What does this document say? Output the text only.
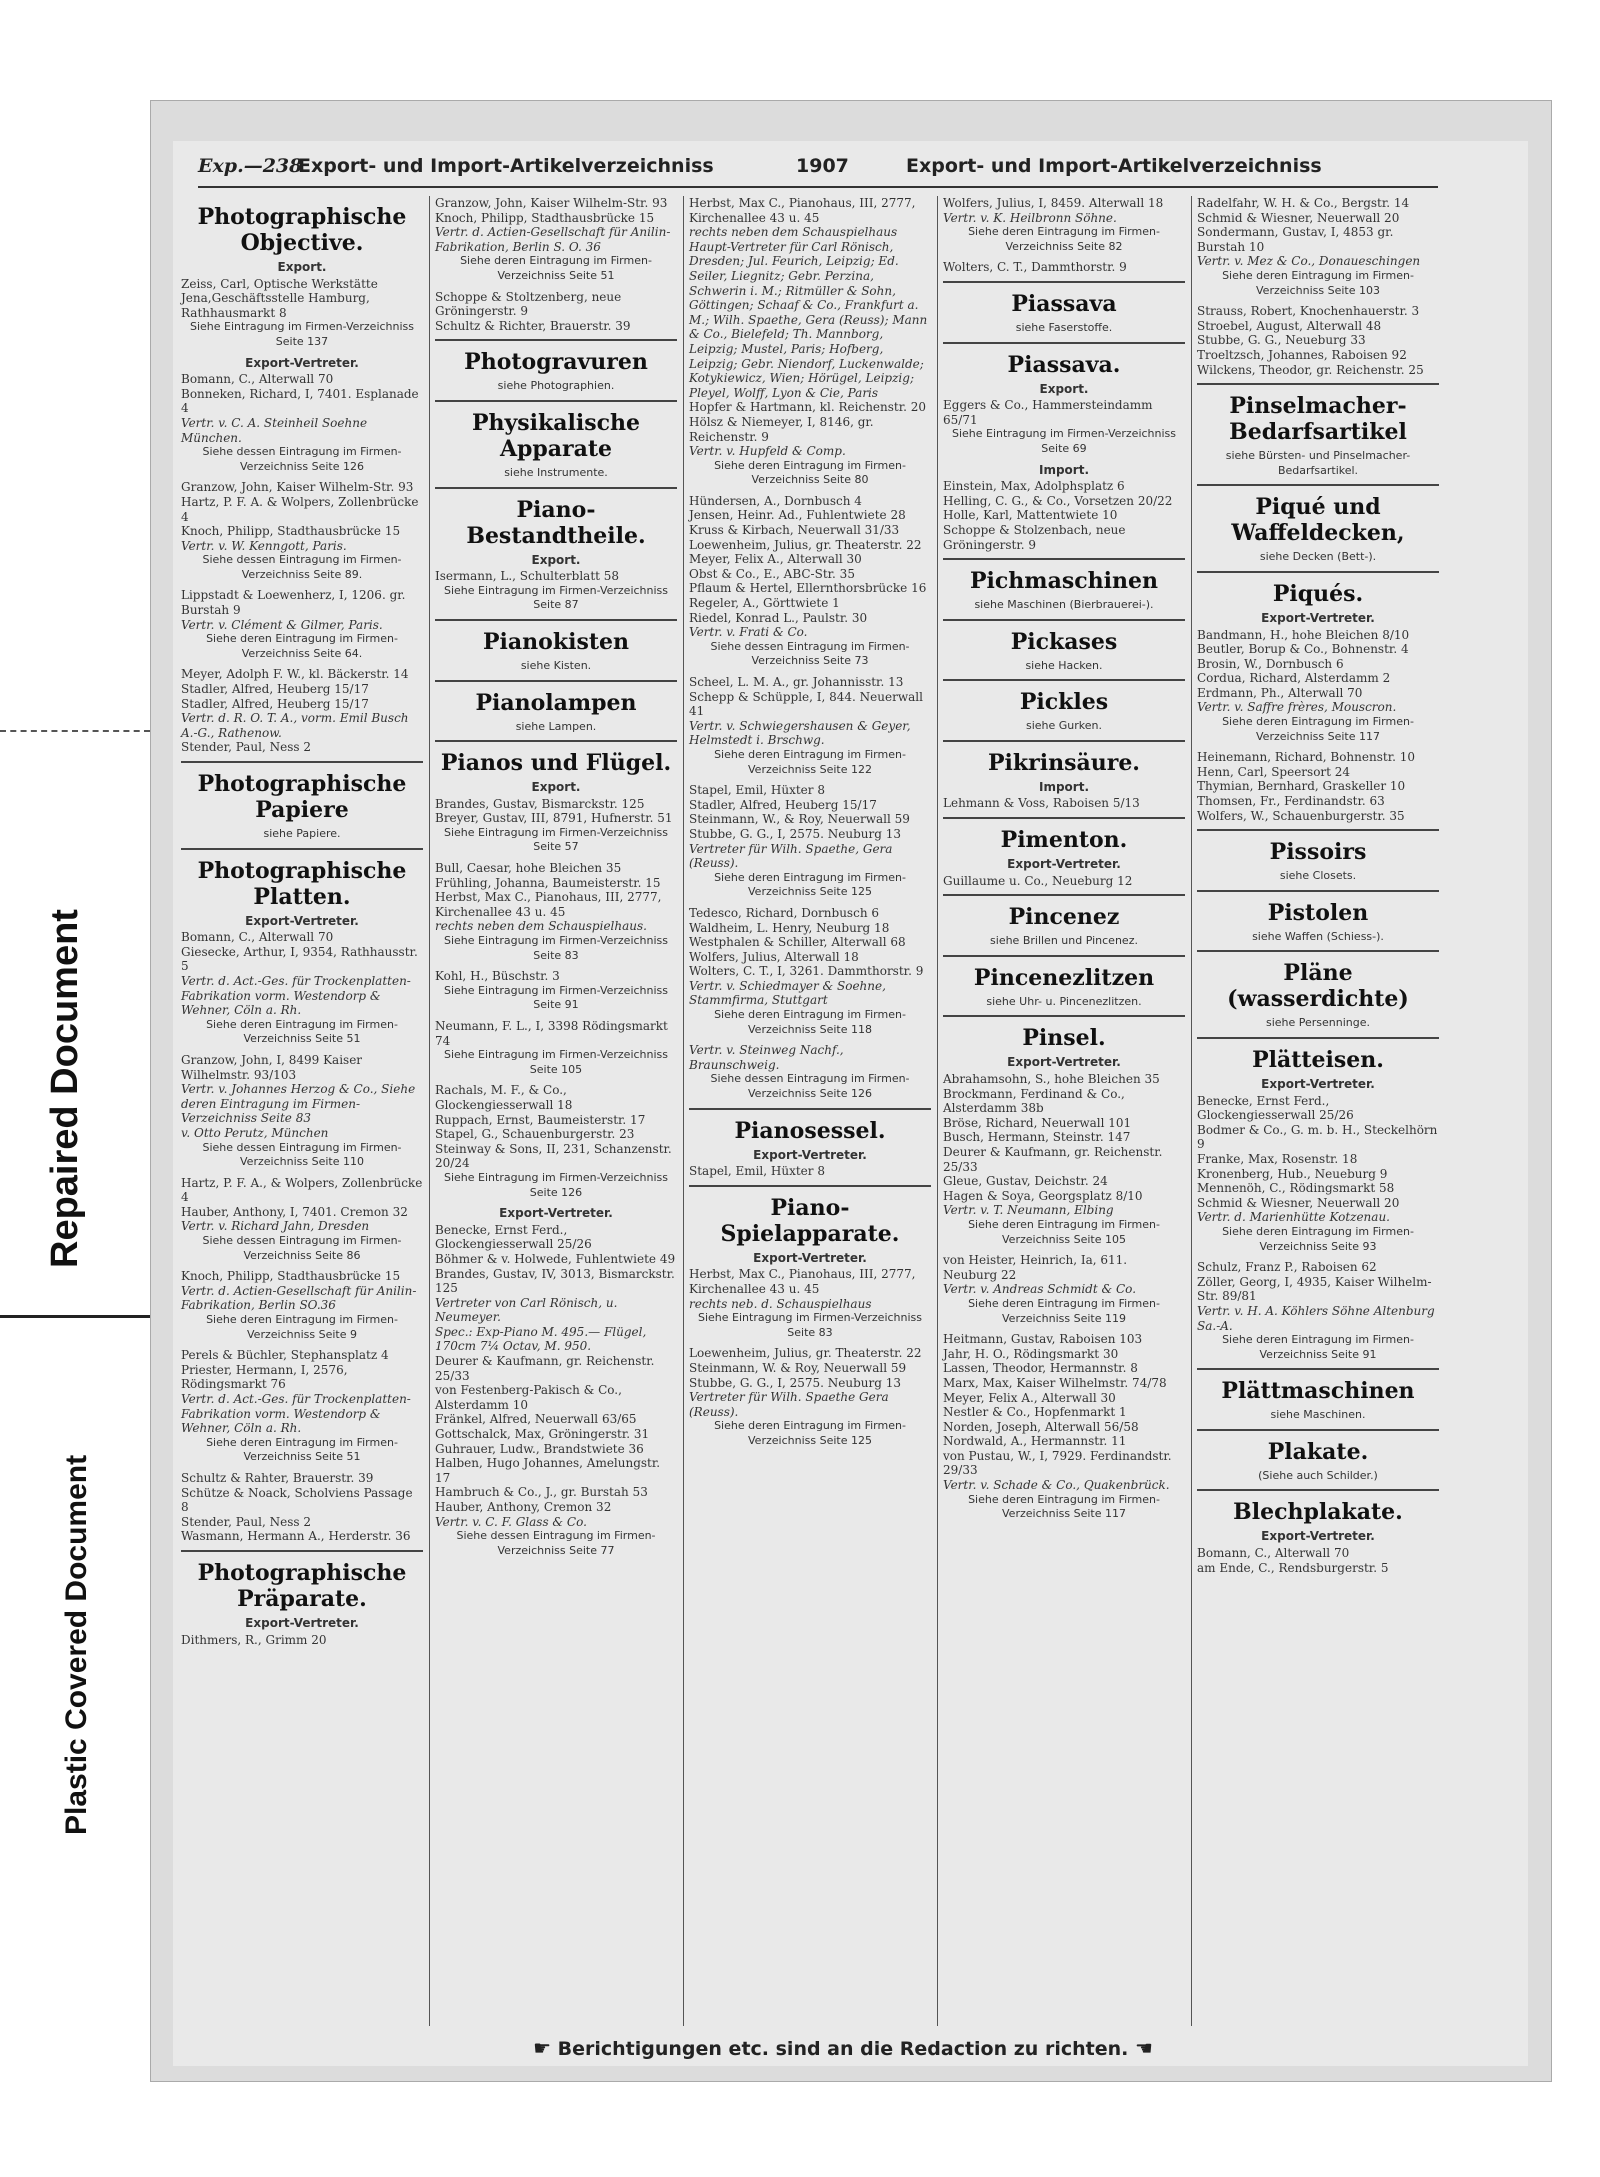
Repaired Document
Plastic Covered Document
Exp.—238
Export- und Import-Artikelverzeichniss	1907	Export- und Import-Artikelverzeichniss
Photographische Objective.
Export.
Zeiss, Carl, Optische Werkstätte Jena,Geschäftsstelle Hamburg, Rathhausmarkt 8
Siehe Eintragung im Firmen-Verzeichniss Seite 137
Export-Vertreter.
Bomann, C., Alterwall 70
Bonneken, Richard, I, 7401. Esplanade 4
Vertr. v. C. A. Steinheil Soehne München.
Siehe dessen Eintragung im Firmen-Verzeichniss Seite 126
Granzow, John, Kaiser Wilhelm-Str. 93
Hartz, P. F. A. & Wolpers, Zollenbrücke 4
Knoch, Philipp, Stadthausbrücke 15
Vertr. v. W. Kenngott, Paris.
Siehe dessen Eintragung im Firmen-Verzeichniss Seite 89.
Lippstadt & Loewenherz, I, 1206. gr. Burstah 9
Vertr. v. Clément & Gilmer, Paris.
Siehe deren Eintragung im Firmen-Verzeichniss Seite 64.
Meyer, Adolph F. W., kl. Bäckerstr. 14
Stadler, Alfred, Heuberg 15/17
Stadler, Alfred, Heuberg 15/17
Vertr. d. R. O. T. A., vorm. Emil Busch A.-G., Rathenow.
Stender, Paul, Ness 2
Photographische Papiere
siehe Papiere.
Photographische Platten.
Export-Vertreter.
Bomann, C., Alterwall 70
Giesecke, Arthur, I, 9354, Rathhausstr. 5
Vertr. d. Act.-Ges. für Trockenplatten-Fabrikation vorm. Westendorp & Wehner, Cöln a. Rh.
Siehe deren Eintragung im Firmen-Verzeichniss Seite 51
Granzow, John, I, 8499 Kaiser Wilhelmstr. 93/103
Vertr. v. Johannes Herzog & Co., Siehe deren Eintragung im Firmen-Verzeichniss Seite 83
v. Otto Perutz, München
Siehe dessen Eintragung im Firmen-Verzeichniss Seite 110
Hartz, P. F. A., & Wolpers, Zollenbrücke 4
Hauber, Anthony, I, 7401. Cremon 32
Vertr. v. Richard Jahn, Dresden
Siehe dessen Eintragung im Firmen-Verzeichniss Seite 86
Knoch, Philipp, Stadthausbrücke 15
Vertr. d. Actien-Gesellschaft für Anilin-Fabrikation, Berlin SO.36
Siehe deren Eintragung im Firmen-Verzeichniss Seite 9
Perels & Büchler, Stephansplatz 4
Priester, Hermann, I, 2576, Rödingsmarkt 76
Vertr. d. Act.-Ges. für Trockenplatten-Fabrikation vorm. Westendorp & Wehner, Cöln a. Rh.
Siehe deren Eintragung im Firmen-Verzeichniss Seite 51
Schultz & Rahter, Brauerstr. 39
Schütze & Noack, Scholviens Passage 8
Stender, Paul, Ness 2
Wasmann, Hermann A., Herderstr. 36
Photographische Präparate.
Export-Vertreter.
Dithmers, R., Grimm 20
Granzow, John, Kaiser Wilhelm-Str. 93
Knoch, Philipp, Stadthausbrücke 15
Vertr. d. Actien-Gesellschaft für Anilin-Fabrikation, Berlin S. O. 36
Siehe deren Eintragung im Firmen-Verzeichniss Seite 51
Schoppe & Stoltzenberg, neue Gröningerstr. 9
Schultz & Richter, Brauerstr. 39
Photogravuren
siehe Photographien.
Physikalische Apparate
siehe Instrumente.
Piano-Bestandtheile.
Export.
Isermann, L., Schulterblatt 58
Siehe Eintragung im Firmen-Verzeichniss Seite 87
Pianokisten
siehe Kisten.
Pianolampen
siehe Lampen.
Pianos und Flügel.
Export.
Brandes, Gustav, Bismarckstr. 125
Breyer, Gustav, III, 8791, Hufnerstr. 51
Siehe Eintragung im Firmen-Verzeichniss Seite 57
Bull, Caesar, hohe Bleichen 35
Frühling, Johanna, Baumeisterstr. 15
Herbst, Max C., Pianohaus, III, 2777, Kirchenallee 43 u. 45
rechts neben dem Schauspielhaus.
Siehe Eintragung im Firmen-Verzeichniss Seite 83
Kohl, H., Büschstr. 3
Siehe Eintragung im Firmen-Verzeichniss Seite 91
Neumann, F. L., I, 3398 Rödingsmarkt 74
Siehe Eintragung im Firmen-Verzeichniss Seite 105
Rachals, M. F., & Co., Glockengiesserwall 18
Ruppach, Ernst, Baumeisterstr. 17
Stapel, G., Schauenburgerstr. 23
Steinway & Sons, II, 231, Schanzenstr. 20/24
Siehe Eintragung im Firmen-Verzeichniss Seite 126
Export-Vertreter.
Benecke, Ernst Ferd., Glockengiesserwall 25/26
Böhmer & v. Holwede, Fuhlentwiete 49
Brandes, Gustav, IV, 3013, Bismarckstr. 125
Vertreter von Carl Rönisch, u. Neumeyer.
Spec.: Exp-Piano M. 495.— Flügel, 170cm 7¼ Octav, M. 950.
Deurer & Kaufmann, gr. Reichenstr. 25/33
von Festenberg-Pakisch & Co., Alsterdamm 10
Fränkel, Alfred, Neuerwall 63/65
Gottschalck, Max, Gröningerstr. 31
Guhrauer, Ludw., Brandstwiete 36
Halben, Hugo Johannes, Amelungstr. 17
Hambruch & Co., J., gr. Burstah 53
Hauber, Anthony, Cremon 32
Vertr. v. C. F. Glass & Co.
Siehe dessen Eintragung im Firmen-Verzeichniss Seite 77
Herbst, Max C., Pianohaus, III, 2777, Kirchenallee 43 u. 45
rechts neben dem Schauspielhaus
Haupt-Vertreter für Carl Rönisch, Dresden; Jul. Feurich, Leipzig; Ed. Seiler, Liegnitz; Gebr. Perzina, Schwerin i. M.; Ritmüller & Sohn, Göttingen; Schaaf & Co., Frankfurt a. M.; Wilh. Spaethe, Gera (Reuss); Mann & Co., Bielefeld; Th. Mannborg, Leipzig; Mustel, Paris; Hofberg, Leipzig; Gebr. Niendorf, Luckenwalde; Kotykiewicz, Wien; Hörügel, Leipzig; Pleyel, Wolff, Lyon & Cie, Paris
Hopfer & Hartmann, kl. Reichenstr. 20
Hölsz & Niemeyer, I, 8146, gr. Reichenstr. 9
Vertr. v. Hupfeld & Comp.
Siehe deren Eintragung im Firmen-Verzeichniss Seite 80
Hündersen, A., Dornbusch 4
Jensen, Heinr. Ad., Fuhlentwiete 28
Kruss & Kirbach, Neuerwall 31/33
Loewenheim, Julius, gr. Theaterstr. 22
Meyer, Felix A., Alterwall 30
Obst & Co., E., ABC-Str. 35
Pflaum & Hertel, Ellernthorsbrücke 16
Regeler, A., Görttwiete 1
Riedel, Konrad L., Paulstr. 30
Vertr. v. Frati & Co.
Siehe dessen Eintragung im Firmen-Verzeichniss Seite 73
Scheel, L. M. A., gr. Johannisstr. 13
Schepp & Schüpple, I, 844. Neuerwall 41
Vertr. v. Schwiegershausen & Geyer, Helmstedt i. Brschwg.
Siehe deren Eintragung im Firmen-Verzeichniss Seite 122
Stapel, Emil, Hüxter 8
Stadler, Alfred, Heuberg 15/17
Steinmann, W., & Roy, Neuerwall 59
Stubbe, G. G., I, 2575. Neuburg 13
Vertreter für Wilh. Spaethe, Gera (Reuss).
Siehe deren Eintragung im Firmen-Verzeichniss Seite 125
Tedesco, Richard, Dornbusch 6
Waldheim, L. Henry, Neuburg 18
Westphalen & Schiller, Alterwall 68
Wolfers, Julius, Alterwall 18
Wolters, C. T., I, 3261. Dammthorstr. 9
Vertr. v. Schiedmayer & Soehne, Stammfirma, Stuttgart
Siehe deren Eintragung im Firmen-Verzeichniss Seite 118
Vertr. v. Steinweg Nachf., Braunschweig.
Siehe dessen Eintragung im Firmen-Verzeichniss Seite 126
Pianosessel.
Export-Vertreter.
Stapel, Emil, Hüxter 8
Piano-Spielapparate.
Export-Vertreter.
Herbst, Max C., Pianohaus, III, 2777, Kirchenallee 43 u. 45
rechts neb. d. Schauspielhaus
Siehe Eintragung im Firmen-Verzeichniss Seite 83
Loewenheim, Julius, gr. Theaterstr. 22
Steinmann, W. & Roy, Neuerwall 59
Stubbe, G. G., I, 2575. Neuburg 13
Vertreter für Wilh. Spaethe Gera (Reuss).
Siehe deren Eintragung im Firmen-Verzeichniss Seite 125
Wolfers, Julius, I, 8459. Alterwall 18
Vertr. v. K. Heilbronn Söhne.
Siehe deren Eintragung im Firmen-Verzeichniss Seite 82
Wolters, C. T., Dammthorstr. 9
Piassava
siehe Faserstoffe.
Piassava.
Export.
Eggers & Co., Hammersteindamm 65/71
Siehe Eintragung im Firmen-Verzeichniss Seite 69
Import.
Einstein, Max, Adolphsplatz 6
Helling, C. G., & Co., Vorsetzen 20/22
Holle, Karl, Mattentwiete 10
Schoppe & Stolzenbach, neue Gröningerstr. 9
Pichmaschinen
siehe Maschinen (Bierbrauerei-).
Pickases
siehe Hacken.
Pickles
siehe Gurken.
Pikrinsäure.
Import.
Lehmann & Voss, Raboisen 5/13
Pimenton.
Export-Vertreter.
Guillaume u. Co., Neueburg 12
Pincenez
siehe Brillen und Pincenez.
Pincenezlitzen
siehe Uhr- u. Pincenezlitzen.
Pinsel.
Export-Vertreter.
Abrahamsohn, S., hohe Bleichen 35
Brockmann, Ferdinand & Co., Alsterdamm 38b
Bröse, Richard, Neuerwall 101
Busch, Hermann, Steinstr. 147
Deurer & Kaufmann, gr. Reichenstr. 25/33
Gleue, Gustav, Deichstr. 24
Hagen & Soya, Georgsplatz 8/10
Vertr. v. T. Neumann, Elbing
Siehe deren Eintragung im Firmen-Verzeichniss Seite 105
von Heister, Heinrich, Ia, 611. Neuburg 22
Vertr. v. Andreas Schmidt & Co.
Siehe deren Eintragung im Firmen-Verzeichniss Seite 119
Heitmann, Gustav, Raboisen 103
Jahr, H. O., Rödingsmarkt 30
Lassen, Theodor, Hermannstr. 8
Marx, Max, Kaiser Wilhelmstr. 74/78
Meyer, Felix A., Alterwall 30
Nestler & Co., Hopfenmarkt 1
Norden, Joseph, Alterwall 56/58
Nordwald, A., Hermannstr. 11
von Pustau, W., I, 7929. Ferdinandstr. 29/33
Vertr. v. Schade & Co., Quakenbrück.
Siehe deren Eintragung im Firmen-Verzeichniss Seite 117
Radelfahr, W. H. & Co., Bergstr. 14
Schmid & Wiesner, Neuerwall 20
Sondermann, Gustav, I, 4853 gr. Burstah 10
Vertr. v. Mez & Co., Donaueschingen
Siehe deren Eintragung im Firmen-Verzeichniss Seite 103
Strauss, Robert, Knochenhauerstr. 3
Stroebel, August, Alterwall 48
Stubbe, G. G., Neueburg 33
Troeltzsch, Johannes, Raboisen 92
Wilckens, Theodor, gr. Reichenstr. 25
Pinselmacher-Bedarfsartikel
siehe Bürsten- und Pinselmacher-Bedarfsartikel.
Piqué und Waffeldecken,
siehe Decken (Bett-).
Piqués.
Export-Vertreter.
Bandmann, H., hohe Bleichen 8/10
Beutler, Borup & Co., Bohnenstr. 4
Brosin, W., Dornbusch 6
Cordua, Richard, Alsterdamm 2
Erdmann, Ph., Alterwall 70
Vertr. v. Saffre frères, Mouscron.
Siehe deren Eintragung im Firmen-Verzeichniss Seite 117
Heinemann, Richard, Bohnenstr. 10
Henn, Carl, Speersort 24
Thymian, Bernhard, Graskeller 10
Thomsen, Fr., Ferdinandstr. 63
Wolfers, W., Schauenburgerstr. 35
Pissoirs
siehe Closets.
Pistolen
siehe Waffen (Schiess-).
Pläne (wasserdichte)
siehe Persenninge.
Plätteisen.
Export-Vertreter.
Benecke, Ernst Ferd., Glockengiesserwall 25/26
Bodmer & Co., G. m. b. H., Steckelhörn 9
Franke, Max, Rosenstr. 18
Kronenberg, Hub., Neueburg 9
Mennenöh, C., Rödingsmarkt 58
Schmid & Wiesner, Neuerwall 20
Vertr. d. Marienhütte Kotzenau.
Siehe deren Eintragung im Firmen-Verzeichniss Seite 93
Schulz, Franz P., Raboisen 62
Zöller, Georg, I, 4935, Kaiser Wilhelm-Str. 89/81
Vertr. v. H. A. Köhlers Söhne Altenburg Sa.-A.
Siehe deren Eintragung im Firmen-Verzeichniss Seite 91
Plättmaschinen
siehe Maschinen.
Plakate.
(Siehe auch Schilder.)
Blechplakate.
Export-Vertreter.
Bomann, C., Alterwall 70
am Ende, C., Rendsburgerstr. 5
☛ Berichtigungen etc. sind an die Redaction zu richten. ☚
